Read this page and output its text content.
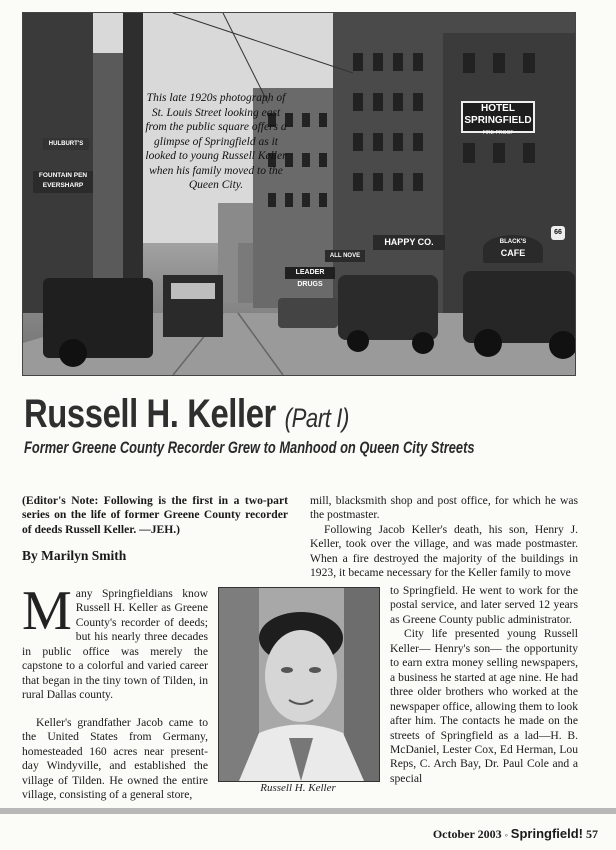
HULBURT'S
FOUNTAIN PEN EVERSHARP
HOTEL
SPRINGFIELD
FIRE-PROOF
ALL NOVE
HAPPY CO.	BLACK'S
CAFE
LEADER DRUGS
66
This late 1920s photograph of St. Louis Street looking east from the public square offers a glimpse of Springfield as it looked to young Russell Keller when his family moved to the Queen City.
Russell H. Keller (Part I)
Former Greene County Recorder Grew to Manhood on Queen City Streets

(Editor's Note: Following is the first in a two-part series on the life of former Greene County recorder of deeds Russell Keller. —JEH.)

By Marilyn Smith

Many Springfieldians know Russell H. Keller as Greene County's recorder of deeds; but his nearly three decades in public office was merely the capstone to a colorful and varied career that began in the tiny town of Tilden, in rural Dallas county.

Keller's grandfather Jacob came to the United States from Germany, homesteaded 160 acres near present-day Windyville, and established the village of Tilden. He owned the entire village, consisting of a general store,

Russell H. Keller

mill, blacksmith shop and post office, for which he was the postmaster.

Following Jacob Keller's death, his son, Henry J. Keller, took over the village, and was made postmaster. When a fire destroyed the majority of the buildings in 1923, it became necessary for the Keller family to move

to Springfield. He went to work for the postal service, and later served 12 years as Greene County public administrator.

City life presented young Russell Keller— Henry's son— the opportunity to earn extra money selling newspapers, a business he started at age nine. He had three older brothers who worked at the newspaper office, allowing them to look after him. The contacts he made on the streets of Springfield as a lad—H. B. McDaniel, Lester Cox, Ed Herman, Lou Reps, C. Arch Bay, Dr. Paul Cole and a special

October 2003 ◦ Springfield! 57
